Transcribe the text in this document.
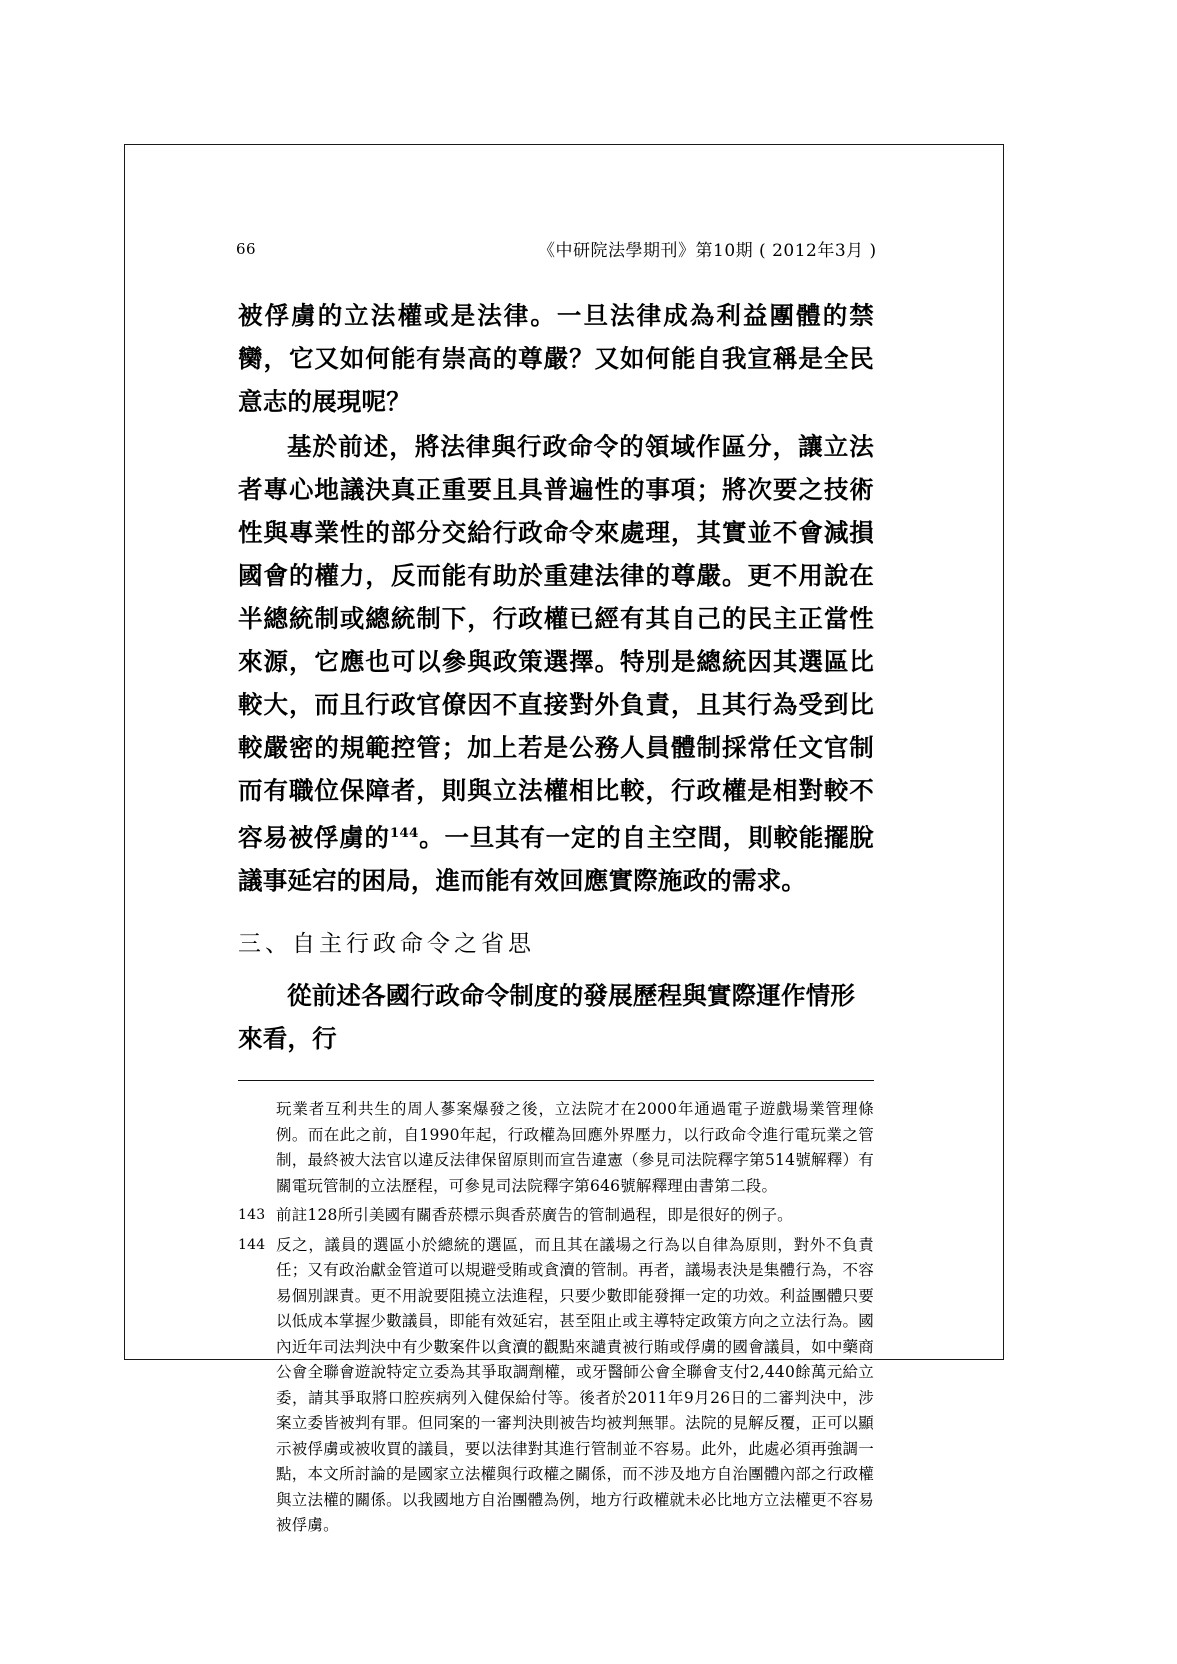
66	《中研院法學期刊》第10期 ( 2012年3月 )

被俘虜的立法權或是法律。一旦法律成為利益團體的禁臠，它又如何能有崇高的尊嚴？又如何能自我宣稱是全民意志的展現呢？

基於前述，將法律與行政命令的領域作區分，讓立法者專心地議決真正重要且具普遍性的事項；將次要之技術性與專業性的部分交給行政命令來處理，其實並不會減損國會的權力，反而能有助於重建法律的尊嚴。更不用說在半總統制或總統制下，行政權已經有其自己的民主正當性來源，它應也可以參與政策選擇。特別是總統因其選區比較大，而且行政官僚因不直接對外負責，且其行為受到比較嚴密的規範控管；加上若是公務人員體制採常任文官制而有職位保障者，則與立法權相比較，行政權是相對較不容易被俘虜的$^{144}$。一旦其有一定的自主空間，則較能擺脫議事延宕的困局，進而能有效回應實際施政的需求。

三、自主行政命令之省思
從前述各國行政命令制度的發展歷程與實際運作情形來看，行
玩業者互利共生的周人蔘案爆發之後，立法院才在2000年通過電子遊戲場業管理條例。而在此之前，自1990年起，行政權為回應外界壓力，以行政命令進行電玩業之管制，最終被大法官以違反法律保留原則而宣告違憲（參見司法院釋字第514號解釋）有關電玩管制的立法歷程，可參見司法院釋字第646號解釋理由書第二段。
143 前註128所引美國有關香菸標示與香菸廣告的管制過程，即是很好的例子。
144 反之，議員的選區小於總統的選區，而且其在議場之行為以自律為原則，對外不負責任；又有政治獻金管道可以規避受賄或貪瀆的管制。再者，議場表決是集體行為，不容易個別課責。更不用說要阻撓立法進程，只要少數即能發揮一定的功效。利益團體只要以低成本掌握少數議員，即能有效延宕，甚至阻止或主導特定政策方向之立法行為。國內近年司法判決中有少數案件以貪瀆的觀點來譴責被行賄或俘虜的國會議員，如中藥商公會全聯會遊說特定立委為其爭取調劑權，或牙醫師公會全聯會支付2,440餘萬元給立委，請其爭取將口腔疾病列入健保給付等。後者於2011年9月26日的二審判決中，涉案立委皆被判有罪。但同案的一審判決則被告均被判無罪。法院的見解反覆，正可以顯示被俘虜或被收買的議員，要以法律對其進行管制並不容易。此外，此處必須再強調一點，本文所討論的是國家立法權與行政權之關係，而不涉及地方自治團體內部之行政權與立法權的關係。以我國地方自治團體為例，地方行政權就未必比地方立法權更不容易被俘虜。
